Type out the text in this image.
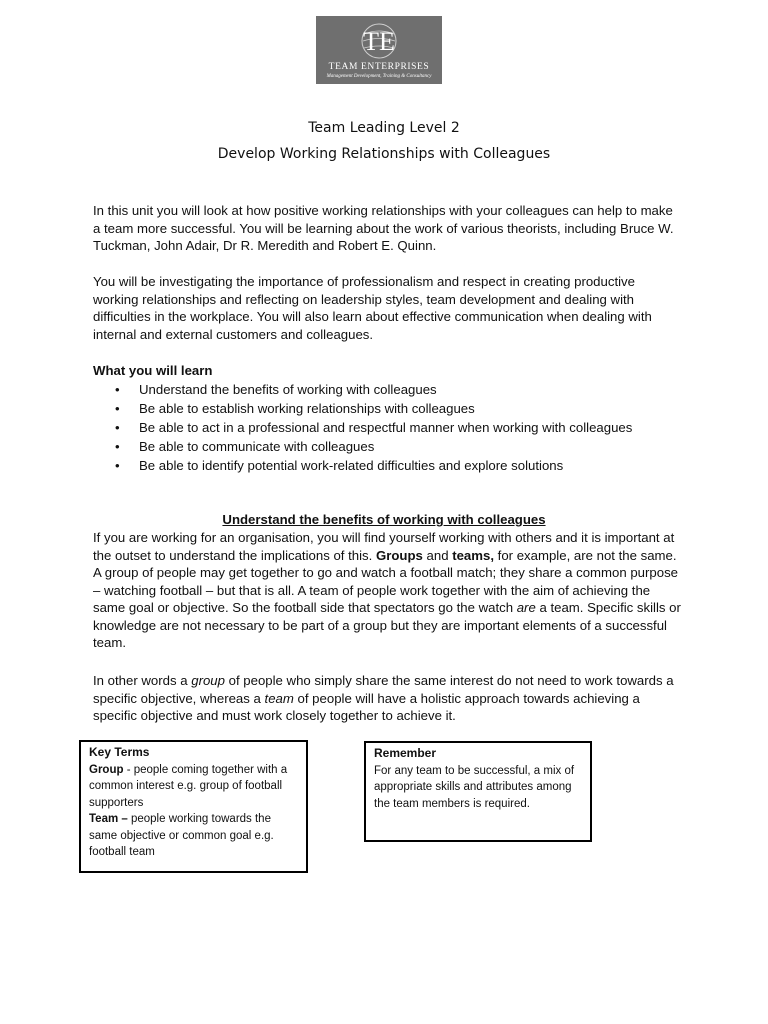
TE
TEAM ENTERPRISES
Management Development, Training & Consultancy
Team Leading Level 2
Develop Working Relationships with Colleagues

In this unit you will look at how positive working relationships with your colleagues can help to make a team more successful. You will be learning about the work of various theorists, including Bruce W. Tuckman, John Adair, Dr R. Meredith and Robert E. Quinn.

You will be investigating the importance of professionalism and respect in creating productive working relationships and reflecting on leadership styles, team development and dealing with difficulties in the workplace. You will also learn about effective communication when dealing with internal and external customers and colleagues.

What you will learn
• Understand the benefits of working with colleagues
• Be able to establish working relationships with colleagues
• Be able to act in a professional and respectful manner when working with colleagues
• Be able to communicate with colleagues
• Be able to identify potential work-related difficulties and explore solutions
Understand the benefits of working with colleagues

If you are working for an organisation, you will find yourself working with others and it is important at the outset to understand the implications of this. Groups and teams, for example, are not the same. A group of people may get together to go and watch a football match; they share a common purpose – watching football – but that is all. A team of people work together with the aim of achieving the same goal or objective. So the football side that spectators go the watch are a team. Specific skills or knowledge are not necessary to be part of a group but they are important elements of a successful team.

In other words a group of people who simply share the same interest do not need to work towards a specific objective, whereas a team of people will have a holistic approach towards achieving a specific objective and must work closely together to achieve it.

Key Terms
Group - people coming together with a common interest e.g. group of football supporters
Team – people working towards the same objective or common goal e.g. football team
Remember
For any team to be successful, a mix of appropriate skills and attributes among the team members is required.
